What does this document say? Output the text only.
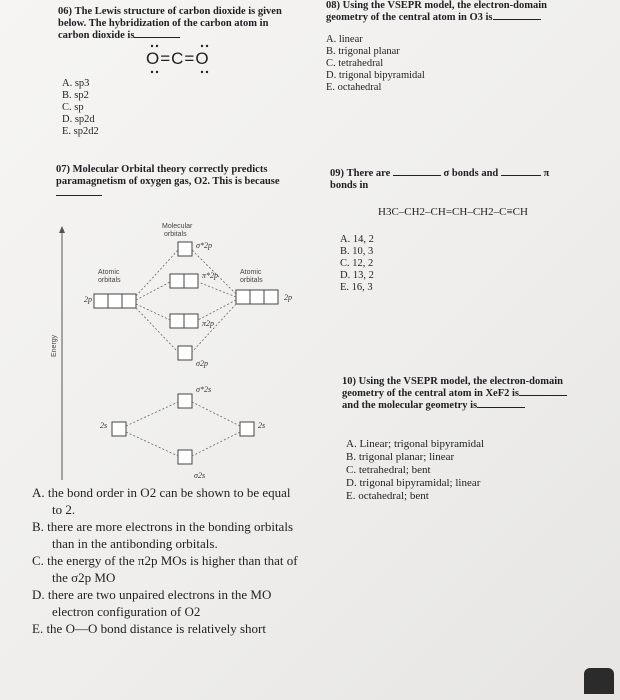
06) The Lewis structure of carbon dioxide is given
below. The hybridization of the carbon atom in
carbon dioxide is
O=C=O
A. sp3
B. sp2
C. sp
D. sp2d
E. sp2d2
07) Molecular Orbital theory correctly predicts
paramagnetism of oxygen gas, O2. This is because
Energy
Molecular orbitals
Atomic orbitals
Atomic orbitals
2p	2p
σ*2p
π*2p
π2p
σ2p
σ*2s
σ2s
2s	2s
A. the bond order in O2 can be shown to be equal
to 2.
B. there are more electrons in the bonding orbitals
than in the antibonding orbitals.
C. the energy of the π2p MOs is higher than that of
the σ2p MO
D. there are two unpaired electrons in the MO
electron configuration of O2
E. the O—O bond distance is relatively short
08) Using the VSEPR model, the electron-domain
geometry of the central atom in O3 is
A. linear
B. trigonal planar
C. tetrahedral
D. trigonal bipyramidal
E. octahedral
09) There are	σ bonds and	π
bonds in
H3C–CH2–CH=CH–CH2–C≡CH
A. 14, 2
B. 10, 3
C. 12, 2
D. 13, 2
E. 16, 3
10) Using the VSEPR model, the electron-domain
geometry of the central atom in XeF2 is
and the molecular geometry is
A. Linear; trigonal bipyramidal
B. trigonal planar; linear
C. tetrahedral; bent
D. trigonal bipyramidal; linear
E. octahedral; bent
